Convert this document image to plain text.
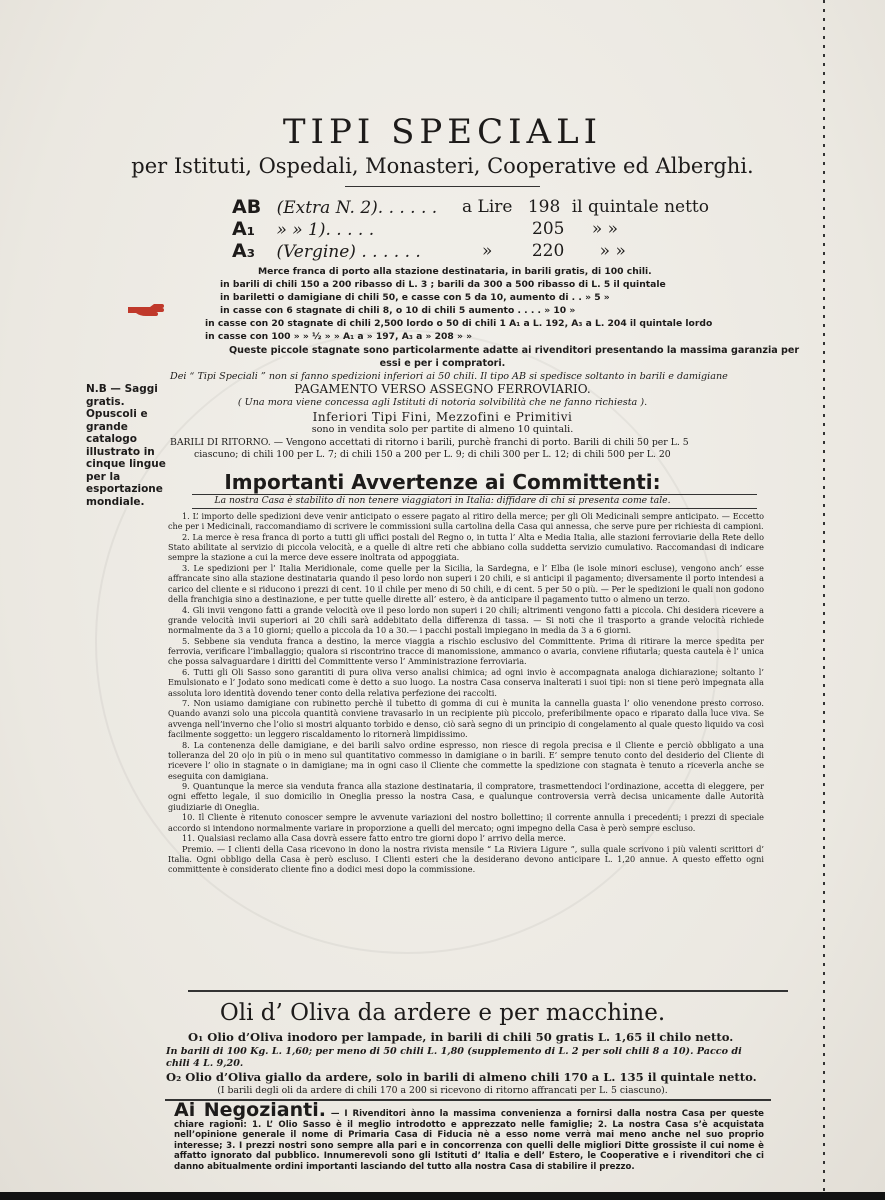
TIPI SPECIALI
per Istituti, Ospedali, Monasteri, Cooperative ed Alberghi.
AB (Extra N. 2). . . . . . a Lire 198 il quintale netto
A₁ » » 1). . . . .	205 » »
A₃ (Vergine) . . . . . .	» 220 » »
Merce franca di porto alla stazione destinataria, in barili gratis, di 100 chili.
in barili di chili 150 a 200 ribasso di L. 3 ; barili da 300 a 500 ribasso di L. 5 il quintale
in bariletti o damigiane di chili 50, e casse con 5 da 10, aumento di . . » 5 »
in casse con 6 stagnate di chili 8, o 10 di chili 5 aumento . . . . » 10 »
in casse con 20 stagnate di chili 2,500 lordo o 50 di chili 1 A₁ a L. 192, A₃ a L. 204 il quintale lordo
in casse con 100 » » ½ » » A₁ a » 197, A₃ a » 208 » »
Queste piccole stagnate sono particolarmente adatte ai rivenditori presentando la massima garanzia per
essi e per i compratori.
Dei “ Tipi Speciali ” non si fanno spedizioni inferiori ai 50 chili. Il tipo AB si spedisce soltanto in barili e damigiane
PAGAMENTO VERSO ASSEGNO FERROVIARIO.
( Una mora viene concessa agli Istituti di notoria solvibilità che ne fanno richiesta ).
Inferiori Tipi Fini, Mezzofini e Primitivi
sono in vendita solo per partite di almeno 10 quintali.
BARILI DI RITORNO. — Vengono accettati di ritorno i barili, purchè franchi di porto. Barili di chili 50 per L. 5
ciascuno; di chili 100 per L. 7; di chili 150 a 200 per L. 9; di chili 300 per L. 12; di chili 500 per L. 20
N.B — Saggi gratis. Opuscoli e grande catalogo illustrato in cinque lingue per la esportazione mondiale.
Importanti Avvertenze ai Committenti:
La nostra Casa è stabilito di non tenere viaggiatori in Italia: diffidare di chi si presenta come tale.

1. L’ importo delle spedizioni deve venir anticipato o essere pagato al ritiro della merce; per gli Oli Medicinali sempre anticipato. — Eccetto che per i Medicinali, raccomandiamo di scrivere le commissioni sulla cartolina della Casa qui annessa, che serve pure per richiesta di campioni.

2. La merce è resa franca di porto a tutti gli uffici postali del Regno o, in tutta l’ Alta e Media Italia, alle stazioni ferroviarie della Rete dello Stato abilitate al servizio di piccola velocità, e a quelle di altre reti che abbiano colla suddetta servizio cumulativo. Raccomandasi di indicare sempre la stazione a cui la merce deve essere inoltrata od appoggiata.

3. Le spedizioni per l’ Italia Meridionale, come quelle per la Sicilia, la Sardegna, e l’ Elba (le isole minori escluse), vengono anch’ esse affrancate sino alla stazione destinataria quando il peso lordo non superi i 20 chili, e si anticipi il pagamento; diversamente il porto intendesi a carico del cliente e si riducono i prezzi di cent. 10 il chile per meno di 50 chili, e di cent. 5 per 50 o più. — Per le spedizioni le quali non godono della franchigia sino a destinazione, e per tutte quelle dirette all’ estero, è da anticipare il pagamento tutto o almeno un terzo.

4. Gli invii vengono fatti a grande velocità ove il peso lordo non superi i 20 chili; altrimenti vengono fatti a piccola. Chi desidera ricevere a grande velocità invii superiori ai 20 chili sarà addebitato della differenza di tassa. — Si noti che il trasporto a grande velocità richiede normalmente da 3 a 10 giorni; quello a piccola da 10 a 30.— i pacchi postali impiegano in media da 3 a 6 giorni.

5. Sebbene sia venduta franca a destino, la merce viaggia a rischio esclusivo del Committente. Prima di ritirare la merce spedita per ferrovia, verificare l’imballaggio; qualora si riscontrino tracce di manomissione, ammanco o avaria, conviene rifiutarla; questa cautela è l’ unica che possa salvaguardare i diritti del Committente verso l’ Amministrazione ferroviaria.

6. Tutti gli Oli Sasso sono garantiti di pura oliva verso analisi chimica; ad ogni invio è accompagnata analoga dichiarazione; soltanto l’ Emulsionato e l’ Jodato sono medicati come è detto a suo luogo. La nostra Casa conserva inalterati i suoi tipi: non si tiene però impegnata alla assoluta loro identità dovendo tener conto della relativa perfezione dei raccolti.

7. Non usiamo damigiane con rubinetto perchè il tubetto di gomma di cui è munita la cannella guasta l’ olio venendone presto corroso. Quando avanzi solo una piccola quantità conviene travasarlo in un recipiente più piccolo, preferibilmente opaco e riparato dalla luce viva. Se avvenga nell’inverno che l’olio si mostri alquanto torbido e denso, ciò sarà segno di un principio di congelamento al quale questo liquido va così facilmente soggetto: un leggero riscaldamento lo ritornerà limpidissimo.

8. La contenenza delle damigiane, e dei barili salvo ordine espresso, non riesce di regola precisa e il Cliente e perciò obbligato a una tolleranza del 20 o|o in più o in meno sul quantitativo commesso in damigiane o in barili. E’ sempre tenuto conto del desiderio del Cliente di ricevere l’ olio in stagnate o in damigiane; ma in ogni caso il Cliente che commette la spedizione con stagnata è tenuto a riceverla anche se eseguita con damigiana.

9. Quantunque la merce sia venduta franca alla stazione destinataria, il compratore, trasmettendoci l’ordinazione, accetta di eleggere, per ogni effetto legale, il suo domicilio in Oneglia presso la nostra Casa, e qualunque controversia verrà decisa unicamente dalle Autorità giudiziarie di Oneglia.

10. Il Cliente è ritenuto conoscer sempre le avvenute variazioni del nostro bollettino; il corrente annulla i precedenti; i prezzi di speciale accordo si intendono normalmente variare in proporzione a quelli del mercato; ogni impegno della Casa è però sempre escluso.

11. Qualsiasi reclamo alla Casa dovrà essere fatto entro tre giorni dopo l’ arrivo della merce.

Premio. — I clienti della Casa ricevono in dono la nostra rivista mensile “ La Riviera Ligure ”, sulla quale scrivono i più valenti scrittori d’ Italia. Ogni obbligo della Casa è però escluso. I Clienti esteri che la desiderano devono anticipare L. 1,20 annue. A questo effetto ogni committente è considerato cliente fino a dodici mesi dopo la commissione.

Oli d’ Oliva da ardere e per macchine.
O₁ Olio d’Oliva inodoro per lampade, in barili di chili 50 gratis L. 1,65 il chilo netto.
In barili di 100 Kg. L. 1,60; per meno di 50 chili L. 1,80 (supplemento di L. 2 per soli chili 8 a 10). Pacco di chili 4 L. 9,20.
O₂ Olio d’Oliva giallo da ardere, solo in barili di almeno chili 170 a L. 135 il quintale netto.
(I barili degli oli da ardere di chili 170 a 200 si ricevono di ritorno affrancati per L. 5 ciascuno).
Ai Negozianti. — I Rivenditori ànno la massima convenienza a fornirsi dalla nostra Casa per queste chiare ragioni: 1. L’ Olio Sasso è il meglio introdotto e apprezzato nelle famiglie; 2. La nostra Casa s’è acquistata nell’opinione generale il nome di Primaria Casa di Fiducia nè a esso nome verrà mai meno anche nel suo proprio interesse; 3. I prezzi nostri sono sempre alla pari e in concorrenza con quelli delle migliori Ditte grossiste il cui nome è affatto ignorato dal pubblico. Innumerevoli sono gli Istituti d’ Italia e dell’ Estero, le Cooperative e i rivenditori che ci danno abitualmente ordini importanti lasciando del tutto alla nostra Casa di stabilire il prezzo.
